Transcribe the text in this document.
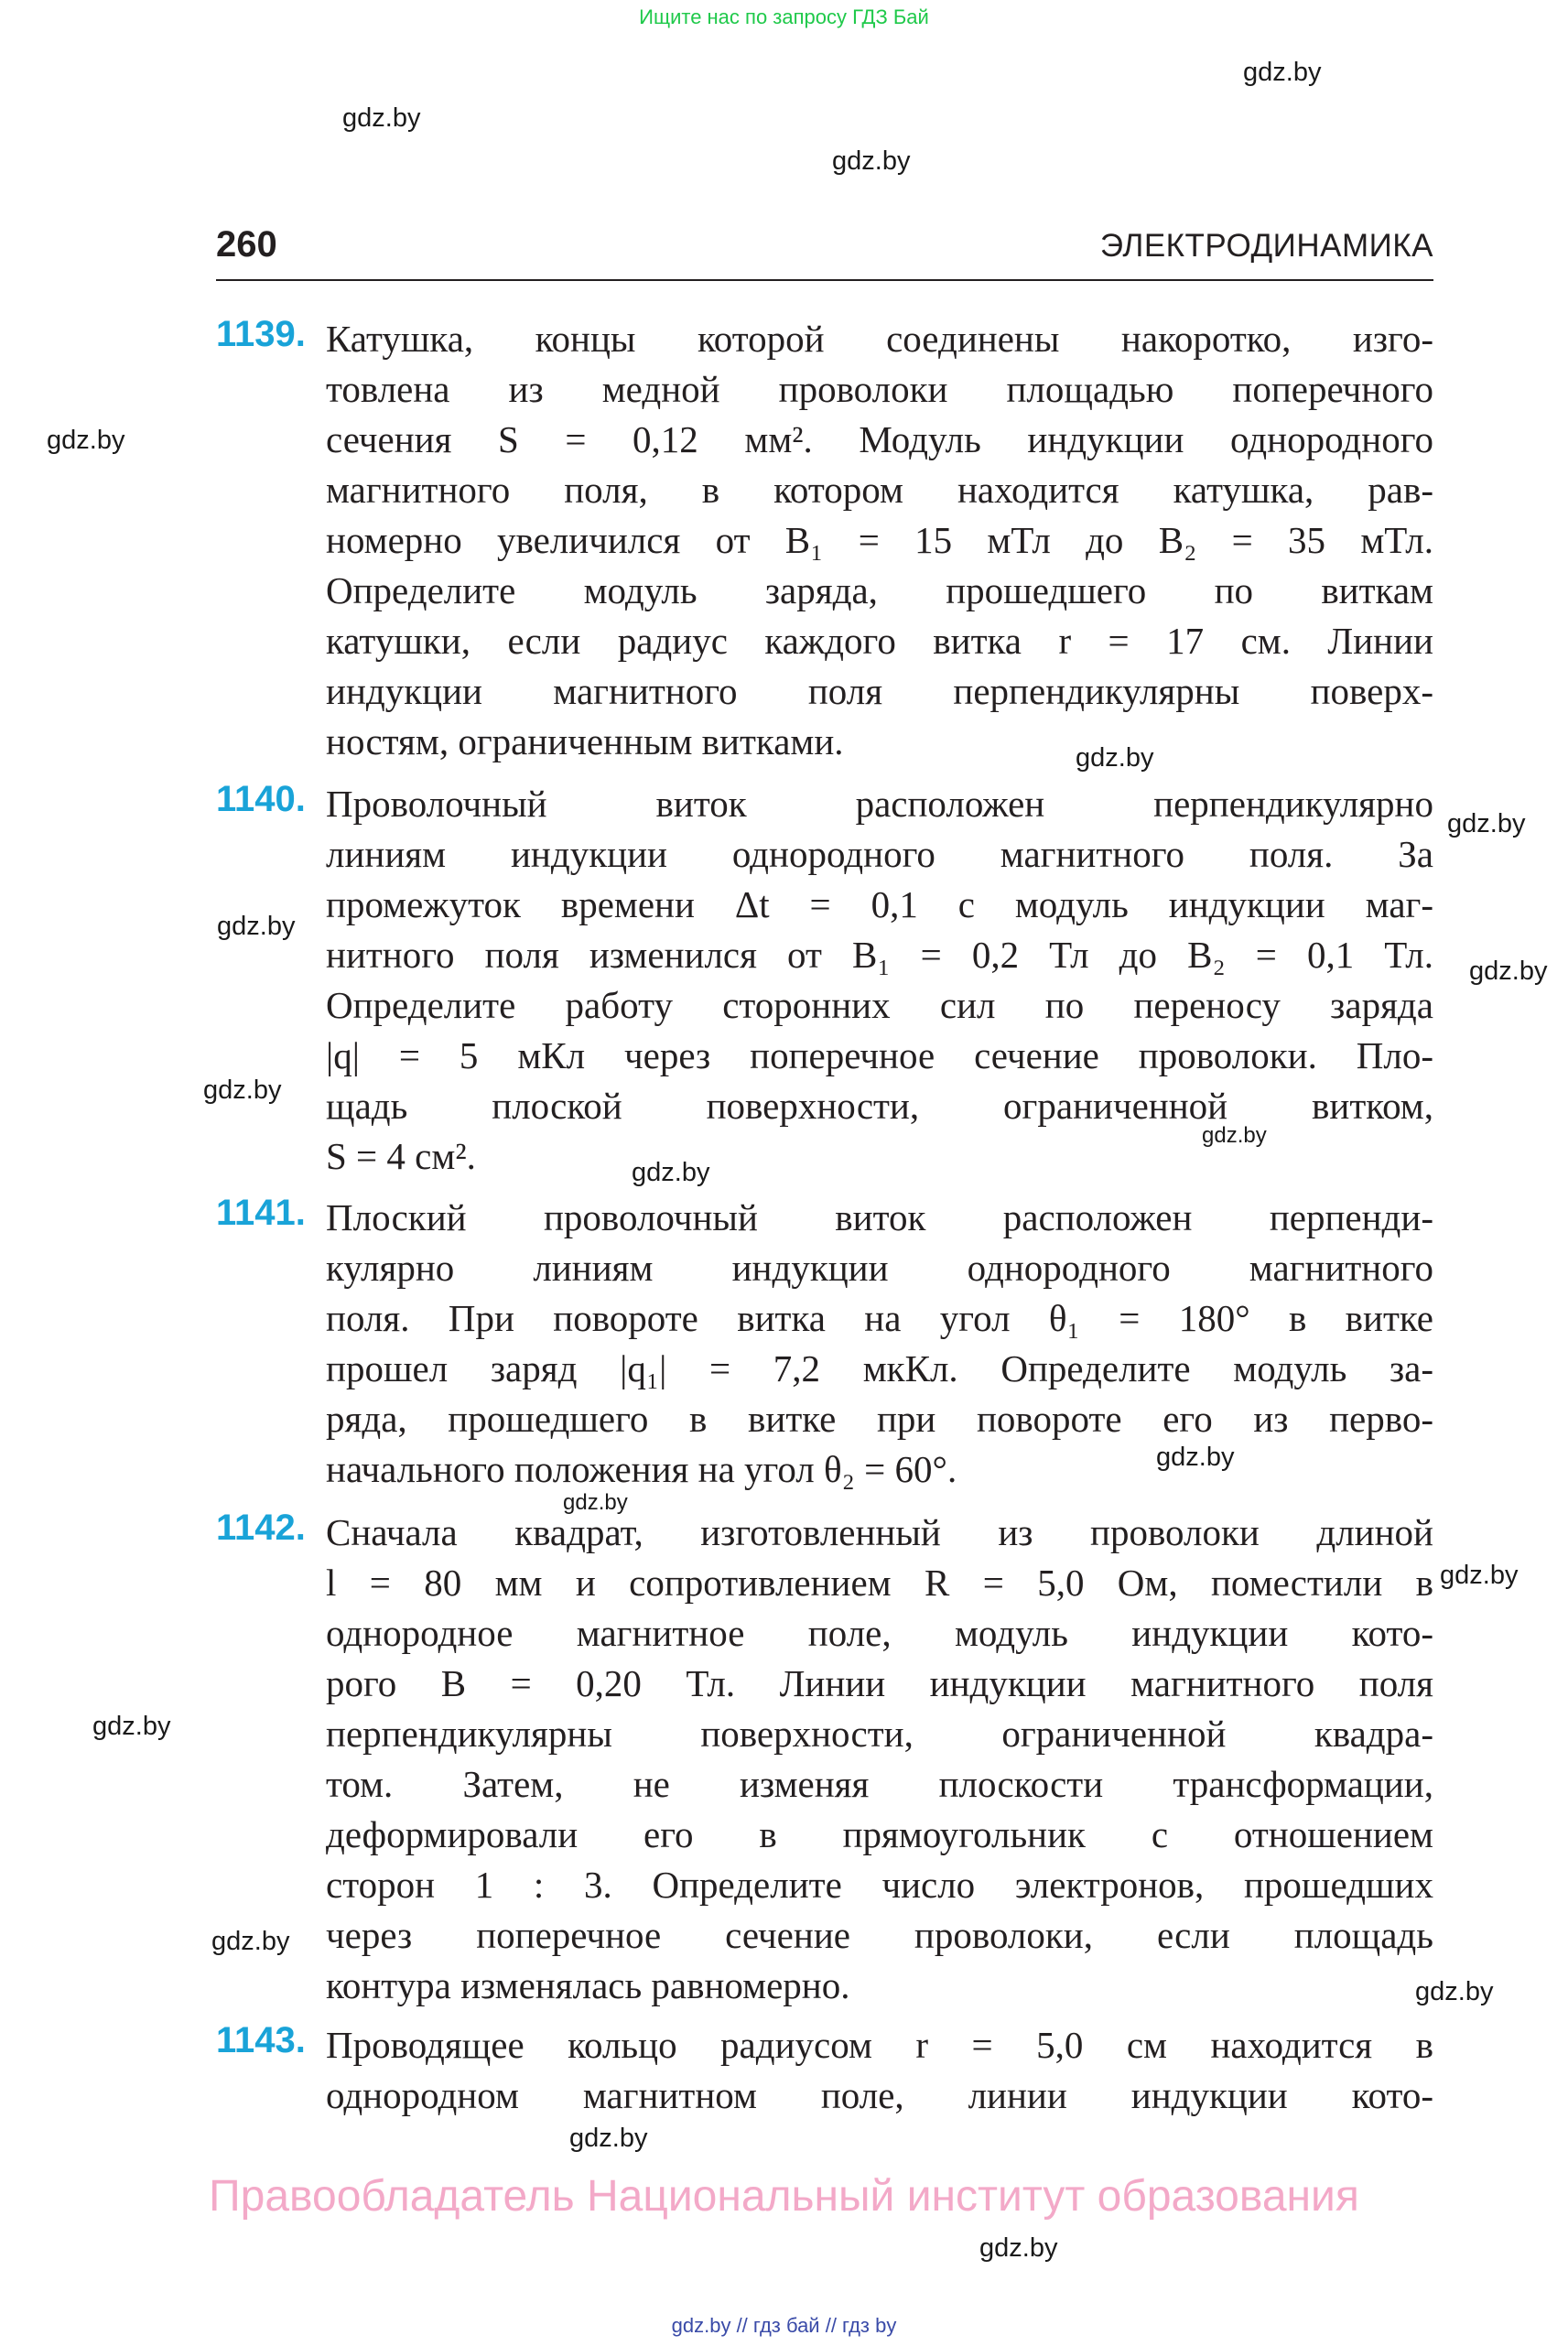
Ищите нас по запросу ГДЗ Бай
gdz.by
gdz.by
gdz.by
gdz.by
gdz.by
gdz.by
gdz.by
gdz.by
gdz.by
gdz.by
gdz.by
gdz.by
gdz.by
gdz.by
gdz.by
gdz.by
gdz.by
gdz.by
gdz.by
260	ЭЛЕКТРОДИНАМИКА
1139. Катушка, концы которой соединены накоротко, изго-
товлена из медной проволоки площадью поперечного
сечения S = 0,12 мм². Модуль индукции однородного
магнитного поля, в котором находится катушка, рав-
номерно увеличился от B₁ = 15 мТл до B₂ = 35 мТл.
Определите модуль заряда, прошедшего по виткам
катушки, если радиус каждого витка r = 17 см. Линии
индукции магнитного поля перпендикулярны поверх-
ностям, ограниченным витками.
1140. Проволочный виток расположен перпендикулярно
линиям индукции однородного магнитного поля. За
промежуток времени Δt = 0,1 с модуль индукции маг-
нитного поля изменился от B₁ = 0,2 Тл до B₂ = 0,1 Тл.
Определите работу сторонних сил по переносу заряда
|q| = 5 мКл через поперечное сечение проволоки. Пло-
щадь плоской поверхности, ограниченной витком,
S = 4 см².
1141. Плоский проволочный виток расположен перпенди-
кулярно линиям индукции однородного магнитного
поля. При повороте витка на угол θ₁ = 180° в витке
прошел заряд |q₁| = 7,2 мкКл. Определите модуль за-
ряда, прошедшего в витке при повороте его из перво-
начального положения на угол θ₂ = 60°.
1142. Сначала квадрат, изготовленный из проволоки длиной
l = 80 мм и сопротивлением R = 5,0 Ом, поместили в
однородное магнитное поле, модуль индукции кото-
рого B = 0,20 Тл. Линии индукции магнитного поля
перпендикулярны поверхности, ограниченной квадра-
том. Затем, не изменяя плоскости трансформации,
деформировали его в прямоугольник с отношением
сторон 1 : 3. Определите число электронов, прошедших
через поперечное сечение проволоки, если площадь
контура изменялась равномерно.
1143. Проводящее кольцо радиусом r = 5,0 см находится в
однородном магнитном поле, линии индукции кото-
Правообладатель Национальный институт образования
gdz.by // гдз бай // гдз by
